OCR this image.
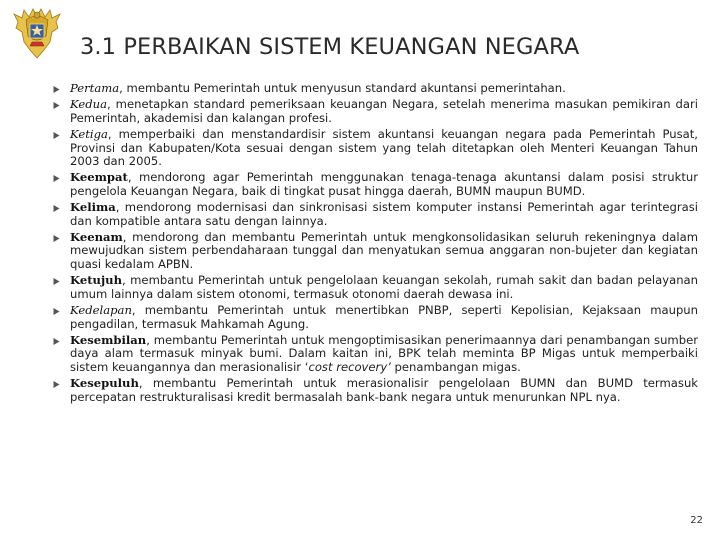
3.1 PERBAIKAN SISTEM KEUANGAN NEGARA
Pertama, membantu Pemerintah untuk menyusun standard akuntansi pemerintahan.
Kedua, menetapkan standard pemeriksaan keuangan Negara, setelah menerima masukan pemikiran dari Pemerintah, akademisi dan kalangan profesi.
Ketiga, memperbaiki dan menstandardisir sistem akuntansi keuangan negara pada Pemerintah Pusat, Provinsi dan Kabupaten/Kota sesuai dengan sistem yang telah ditetapkan oleh Menteri Keuangan Tahun 2003 dan 2005.
Keempat, mendorong agar Pemerintah menggunakan tenaga-tenaga akuntansi dalam posisi struktur pengelola Keuangan Negara, baik di tingkat pusat hingga daerah, BUMN maupun BUMD.
Kelima, mendorong modernisasi dan sinkronisasi sistem komputer instansi Pemerintah agar terintegrasi dan kompatible antara satu dengan lainnya.
Keenam, mendorong dan membantu Pemerintah untuk mengkonsolidasikan seluruh rekeningnya dalam mewujudkan sistem perbendaharaan tunggal dan menyatukan semua anggaran non-bujeter dan kegiatan quasi kedalam APBN.
Ketujuh, membantu Pemerintah untuk pengelolaan keuangan sekolah, rumah sakit dan badan pelayanan umum lainnya dalam sistem otonomi, termasuk otonomi daerah dewasa ini.
Kedelapan, membantu Pemerintah untuk menertibkan PNBP, seperti Kepolisian, Kejaksaan maupun pengadilan, termasuk Mahkamah Agung.
Kesembilan, membantu Pemerintah untuk mengoptimisasikan penerimaannya dari penambangan sumber daya alam termasuk minyak bumi. Dalam kaitan ini, BPK telah meminta BP Migas untuk memperbaiki sistem keuangannya dan merasionalisir ‘cost recovery’ penambangan migas.
Kesepuluh, membantu Pemerintah untuk merasionalisir pengelolaan BUMN dan BUMD termasuk percepatan restrukturalisasi kredit bermasalah bank-bank negara untuk menurunkan NPL nya.
22
